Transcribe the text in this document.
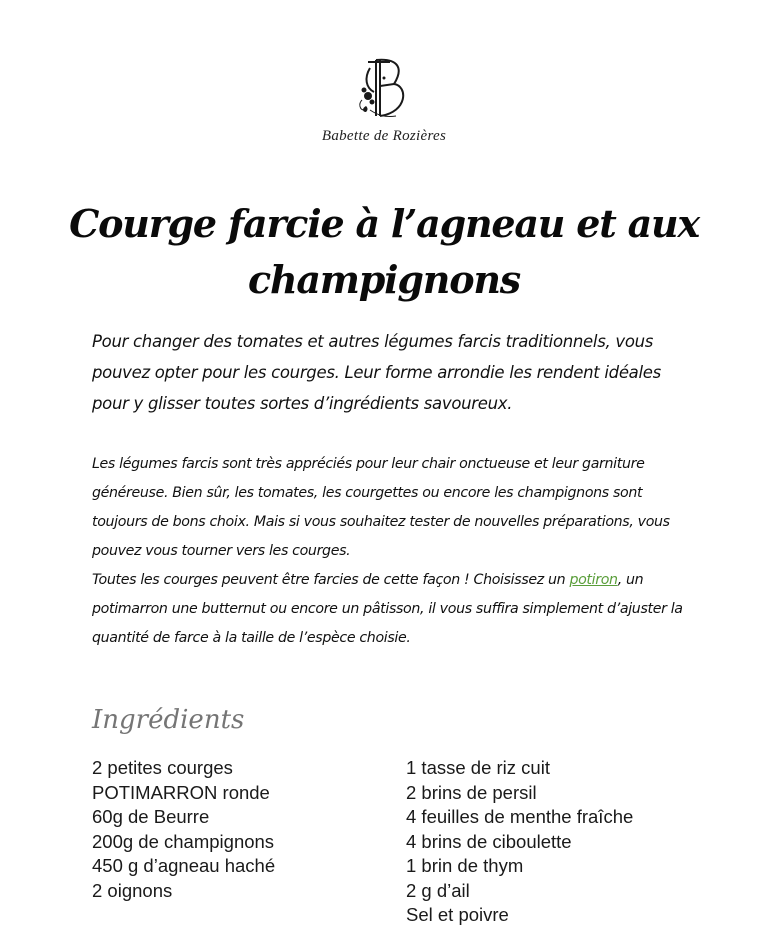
Babette de Rozières
Courge farcie à l’agneau et aux champignons

Pour changer des tomates et autres légumes farcis traditionnels, vous pouvez opter pour les courges. Leur forme arrondie les rendent idéales pour y glisser toutes sortes d’ingrédients savoureux.

Les légumes farcis sont très appréciés pour leur chair onctueuse et leur garniture généreuse. Bien sûr, les tomates, les courgettes ou encore les champignons sont toujours de bons choix. Mais si vous souhaitez tester de nouvelles préparations, vous pouvez vous tourner vers les courges.

Toutes les courges peuvent être farcies de cette façon ! Choisissez un potiron, un potimarron une butternut ou encore un pâtisson, il vous suffira simplement d’ajuster la quantité de farce à la taille de l’espèce choisie.

Ingrédients
2 petites courges
POTIMARRON ronde
60g de Beurre
200g de champignons
450 g d’agneau haché
2 oignons
1 tasse de riz cuit
2 brins de persil
4 feuilles de menthe fraîche
4 brins de ciboulette
1 brin de thym
2 g d’ail
Sel et poivre
